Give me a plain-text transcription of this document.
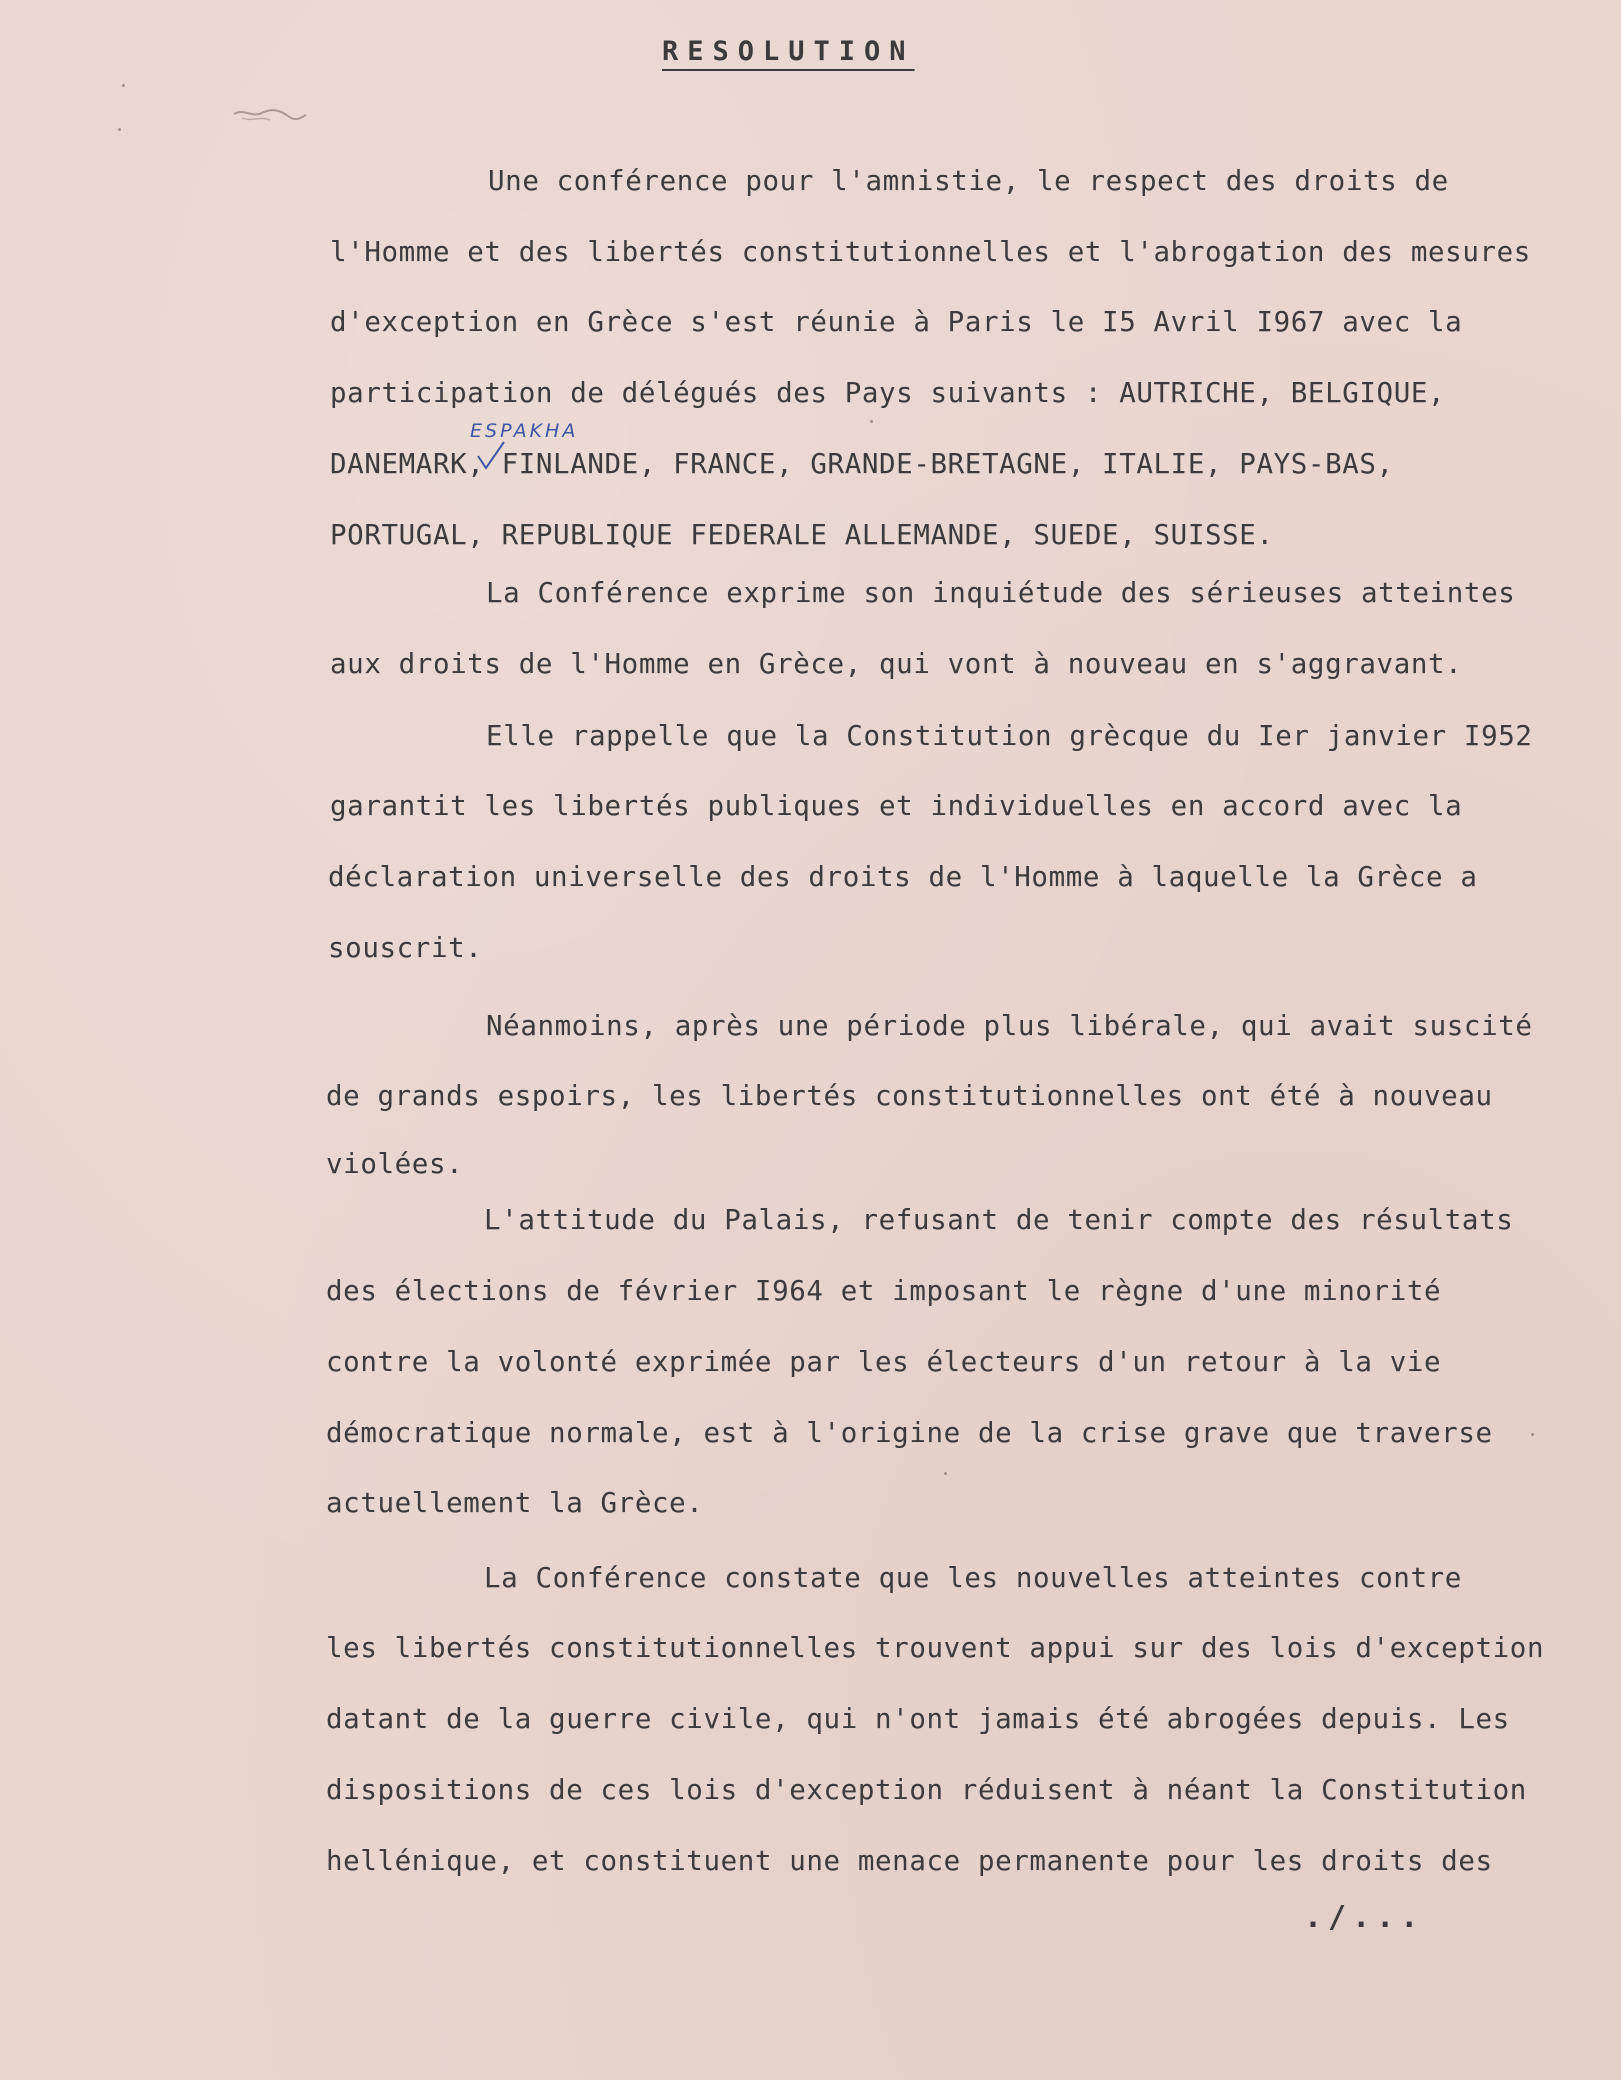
RESOLUTION
Une conférence pour l'amnistie, le respect des droits de
l'Homme et des libertés constitutionnelles et l'abrogation des mesures
d'exception en Grèce s'est réunie à Paris le I5 Avril I967 avec la
participation de délégués des Pays suivants : AUTRICHE, BELGIQUE,
ESPAKHA
DANEMARK, FINLANDE, FRANCE, GRANDE-BRETAGNE, ITALIE, PAYS-BAS,
PORTUGAL, REPUBLIQUE FEDERALE ALLEMANDE, SUEDE, SUISSE.
La Conférence exprime son inquiétude des sérieuses atteintes
aux droits de l'Homme en Grèce, qui vont à nouveau en s'aggravant.
Elle rappelle que la Constitution grècque du Ier janvier I952
garantit les libertés publiques et individuelles en accord avec la
déclaration universelle des droits de l'Homme à laquelle la Grèce a
souscrit.
Néanmoins, après une période plus libérale, qui avait suscité
de grands espoirs, les libertés constitutionnelles ont été à nouveau
violées.
L'attitude du Palais, refusant de tenir compte des résultats
des élections de février I964 et imposant le règne d'une minorité
contre la volonté exprimée par les électeurs d'un retour à la vie
démocratique normale, est à l'origine de la crise grave que traverse
actuellement la Grèce.
La Conférence constate que les nouvelles atteintes contre
les libertés constitutionnelles trouvent appui sur des lois d'exception
datant de la guerre civile, qui n'ont jamais été abrogées depuis. Les
dispositions de ces lois d'exception réduisent à néant la Constitution
hellénique, et constituent une menace permanente pour les droits des
./...
